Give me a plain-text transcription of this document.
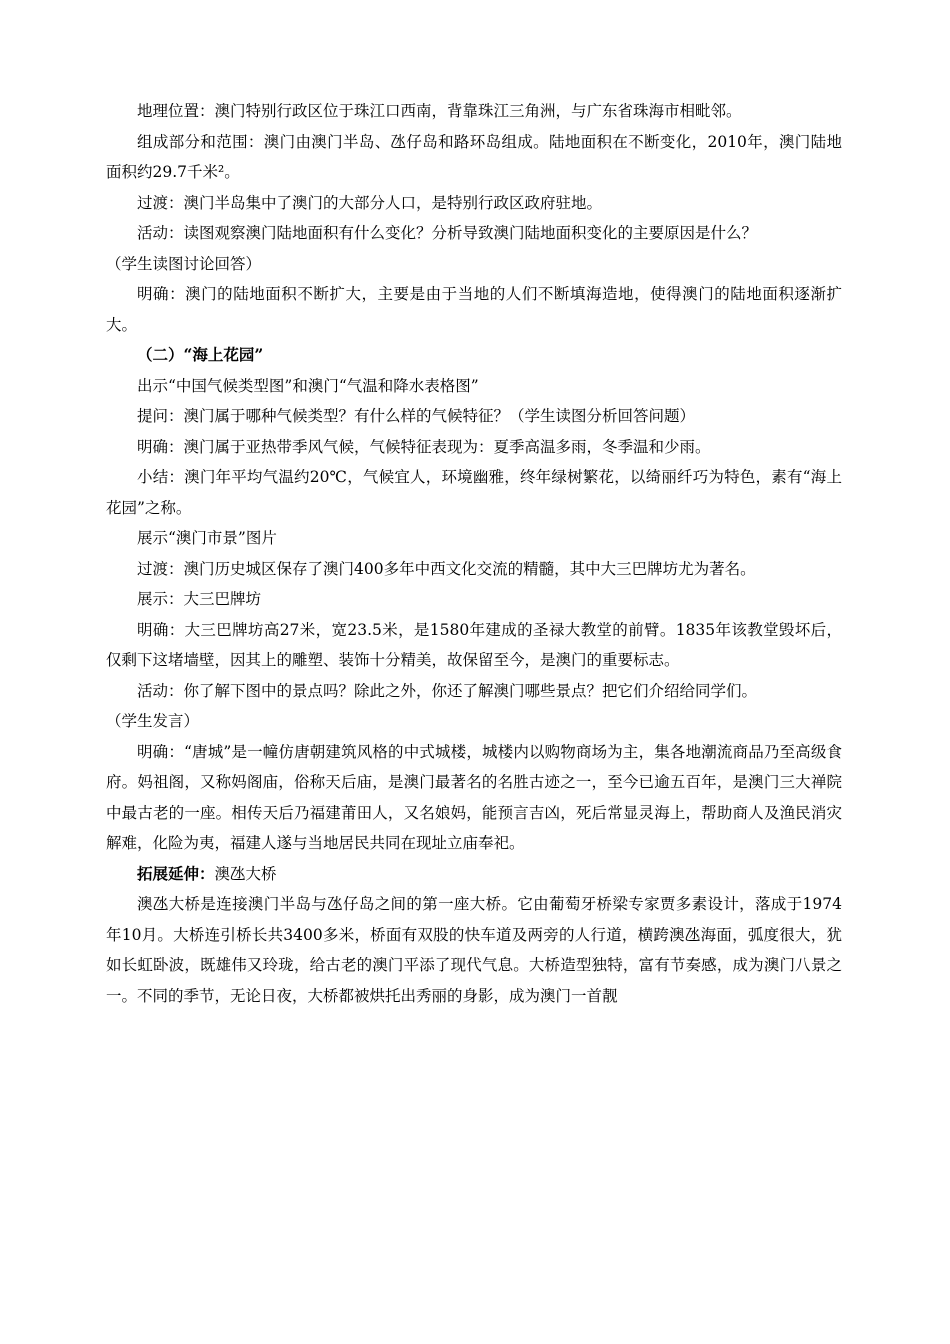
地理位置：澳门特别行政区位于珠江口西南，背靠珠江三角洲，与广东省珠海市相毗邻。

组成部分和范围：澳门由澳门半岛、氹仔岛和路环岛组成。陆地面积在不断变化，2010年，澳门陆地面积约29.7千米²。

过渡：澳门半岛集中了澳门的大部分人口，是特别行政区政府驻地。

活动：读图观察澳门陆地面积有什么变化？分析导致澳门陆地面积变化的主要原因是什么？

（学生读图讨论回答）

明确：澳门的陆地面积不断扩大，主要是由于当地的人们不断填海造地，使得澳门的陆地面积逐渐扩大。

（二）“海上花园”

出示“中国气候类型图”和澳门“气温和降水表格图”

提问：澳门属于哪种气候类型？有什么样的气候特征？（学生读图分析回答问题）

明确：澳门属于亚热带季风气候，气候特征表现为：夏季高温多雨，冬季温和少雨。

小结：澳门年平均气温约20℃，气候宜人，环境幽雅，终年绿树繁花，以绮丽纤巧为特色，素有“海上花园”之称。

展示“澳门市景”图片

过渡：澳门历史城区保存了澳门400多年中西文化交流的精髓，其中大三巴牌坊尤为著名。

展示：大三巴牌坊

明确：大三巴牌坊高27米，宽23.5米，是1580年建成的圣禄大教堂的前臂。1835年该教堂毁坏后，仅剩下这堵墙壁，因其上的雕塑、装饰十分精美，故保留至今，是澳门的重要标志。

活动：你了解下图中的景点吗？除此之外，你还了解澳门哪些景点？把它们介绍给同学们。

（学生发言）

明确：“唐城”是一幢仿唐朝建筑风格的中式城楼，城楼内以购物商场为主，集各地潮流商品乃至高级食府。妈祖阁，又称妈阁庙，俗称天后庙，是澳门最著名的名胜古迹之一，至今已逾五百年，是澳门三大禅院中最古老的一座。相传天后乃福建莆田人，又名娘妈，能预言吉凶，死后常显灵海上，帮助商人及渔民消灾解难，化险为夷，福建人遂与当地居民共同在现址立庙奉祀。

拓展延伸：澳氹大桥

澳氹大桥是连接澳门半岛与氹仔岛之间的第一座大桥。它由葡萄牙桥梁专家贾多素设计，落成于1974年10月。大桥连引桥长共3400多米，桥面有双股的快车道及两旁的人行道，横跨澳氹海面，弧度很大，犹如长虹卧波，既雄伟又玲珑，给古老的澳门平添了现代气息。大桥造型独特，富有节奏感，成为澳门八景之一。不同的季节，无论日夜，大桥都被烘托出秀丽的身影，成为澳门一首靓
